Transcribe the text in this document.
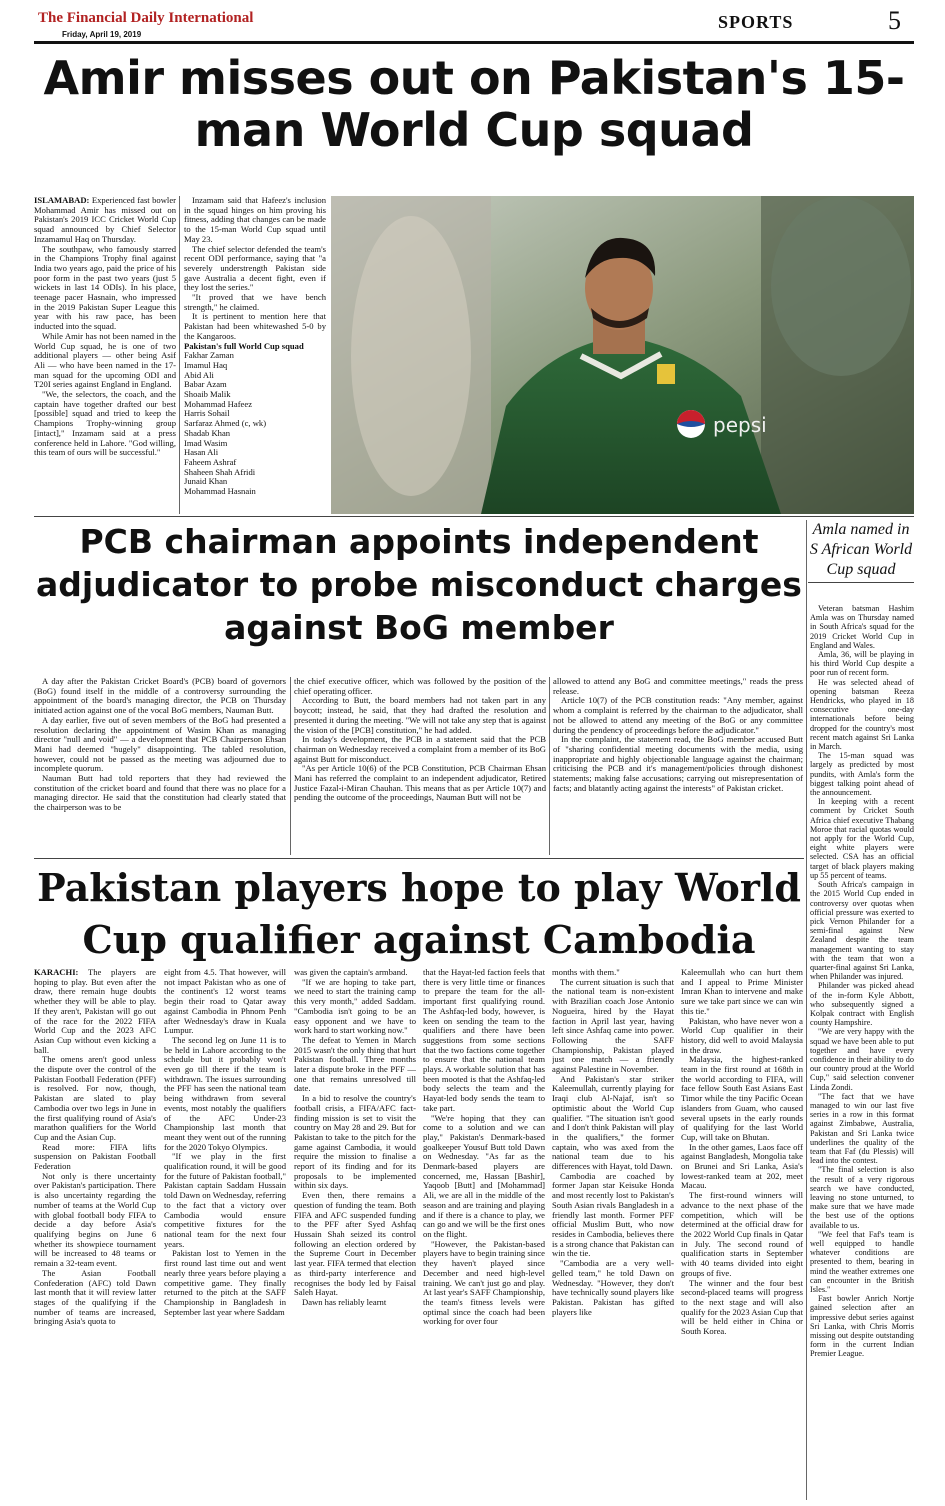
The Financial Daily International
Friday, April 19, 2019
SPORTS	5
Amir misses out on Pakistan's 15-man World Cup squad

ISLAMABAD: Experienced fast bowler Mohammad Amir has missed out on Pakistan's 2019 ICC Cricket World Cup squad announced by Chief Selector Inzamamul Haq on Thursday.

The southpaw, who famously starred in the Champions Trophy final against India two years ago, paid the price of his poor form in the past two years (just 5 wickets in last 14 ODIs). In his place, teenage pacer Hasnain, who impressed in the 2019 Pakistan Super League this year with his raw pace, has been inducted into the squad.

While Amir has not been named in the World Cup squad, he is one of two additional players — other being Asif Ali — who have been named in the 17-man squad for the upcoming ODI and T20I series against England in England.

"We, the selectors, the coach, and the captain have together drafted our best [possible] squad and tried to keep the Champions Trophy-winning group [intact]," Inzamam said at a press conference held in Lahore. "God willing, this team of ours will be successful."

Inzamam said that Hafeez's inclusion in the squad hinges on him proving his fitness, adding that changes can be made to the 15-man World Cup squad until May 23.

The chief selector defended the team's recent ODI performance, saying that "a severely understrength Pakistan side gave Australia a decent fight, even if they lost the series."

"It proved that we have bench strength," he claimed.

It is pertinent to mention here that Pakistan had been whitewashed 5-0 by the Kangaroos.

Pakistan's full World Cup squad

Fakhar Zaman
Imamul Haq
Abid Ali
Babar Azam
Shoaib Malik
Mohammad Hafeez
Harris Sohail
Sarfaraz Ahmed (c, wk)
Shadab Khan
Imad Wasim
Hasan Ali
Faheem Ashraf
Shaheen Shah Afridi
Junaid Khan
Mohammad Hasnain
pepsi
PCB chairman appoints independent adjudicator to probe misconduct charges against BoG member

A day after the Pakistan Cricket Board's (PCB) board of governors (BoG) found itself in the middle of a controversy surrounding the appointment of the board's managing director, the PCB on Thursday initiated action against one of the vocal BoG members, Nauman Butt.

A day earlier, five out of seven members of the BoG had presented a resolution declaring the appointment of Wasim Khan as managing director "null and void" — a development that PCB Chairperson Ehsan Mani had deemed "hugely" disappointing. The tabled resolution, however, could not be passed as the meeting was adjourned due to incomplete quorum.

Nauman Butt had told reporters that they had reviewed the constitution of the cricket board and found that there was no place for a managing director. He said that the constitution had clearly stated that the chairperson was to be

the chief executive officer, which was followed by the position of the chief operating officer.

According to Butt, the board members had not taken part in any boycott; instead, he said, that they had drafted the resolution and presented it during the meeting. "We will not take any step that is against the vision of the [PCB] constitution," he had added.

In today's development, the PCB in a statement said that the PCB chairman on Wednesday received a complaint from a member of its BoG against Butt for misconduct.

"As per Article 10(6) of the PCB Constitution, PCB Chairman Ehsan Mani has referred the complaint to an independent adjudicator, Retired Justice Fazal-i-Miran Chauhan. This means that as per Article 10(7) and pending the outcome of the proceedings, Nauman Butt will not be

allowed to attend any BoG and committee meetings," reads the press release.

Article 10(7) of the PCB constitution reads: "Any member, against whom a complaint is referred by the chairman to the adjudicator, shall not be allowed to attend any meeting of the BoG or any committee during the pendency of proceedings before the adjudicator."

In the complaint, the statement read, the BoG member accused Butt of "sharing confidential meeting documents with the media, using inappropriate and highly objectionable language against the chairman; criticising the PCB and it's management/policies through dishonest statements; making false accusations; carrying out misrepresentation of facts; and blatantly acting against the interests" of Pakistan cricket.

Pakistan players hope to play World Cup qualifier against Cambodia

KARACHI: The players are hoping to play. But even after the draw, there remain huge doubts whether they will be able to play. If they aren't, Pakistan will go out of the race for the 2022 FIFA World Cup and the 2023 AFC Asian Cup without even kicking a ball.

The omens aren't good unless the dispute over the control of the Pakistan Football Federation (PFF) is resolved. For now, though, Pakistan are slated to play Cambodia over two legs in June in the first qualifying round of Asia's marathon qualifiers for the World Cup and the Asian Cup.

Read more: FIFA lifts suspension on Pakistan Football Federation

Not only is there uncertainty over Pakistan's participation. There is also uncertainty regarding the number of teams at the World Cup with global football body FIFA to decide a day before Asia's qualifying begins on June 6 whether its showpiece tournament will be increased to 48 teams or remain a 32-team event.

The Asian Football Confederation (AFC) told Dawn last month that it will review latter stages of the qualifying if the number of teams are increased, bringing Asia's quota to

eight from 4.5. That however, will not impact Pakistan who as one of the continent's 12 worst teams begin their road to Qatar away against Cambodia in Phnom Penh after Wednesday's draw in Kuala Lumpur.

The second leg on June 11 is to be held in Lahore according to the schedule but it probably won't even go till there if the team is withdrawn. The issues surrounding the PFF has seen the national team being withdrawn from several events, most notably the qualifiers of the AFC Under-23 Championship last month that meant they went out of the running for the 2020 Tokyo Olympics.

"If we play in the first qualification round, it will be good for the future of Pakistan football," Pakistan captain Saddam Hussain told Dawn on Wednesday, referring to the fact that a victory over Cambodia would ensure competitive fixtures for the national team for the next four years.

Pakistan lost to Yemen in the first round last time out and went nearly three years before playing a competitive game. They finally returned to the pitch at the SAFF Championship in Bangladesh in September last year where Saddam

was given the captain's armband.

"If we are hoping to take part, we need to start the training camp this very month," added Saddam. "Cambodia isn't going to be an easy opponent and we have to work hard to start working now."

The defeat to Yemen in March 2015 wasn't the only thing that hurt Pakistan football. Three months later a dispute broke in the PFF — one that remains unresolved till date.

In a bid to resolve the country's football crisis, a FIFA/AFC fact-finding mission is set to visit the country on May 28 and 29. But for Pakistan to take to the pitch for the game against Cambodia, it would require the mission to finalise a report of its finding and for its proposals to be implemented within six days.

Even then, there remains a question of funding the team. Both FIFA and AFC suspended funding to the PFF after Syed Ashfaq Hussain Shah seized its control following an election ordered by the Supreme Court in December last year. FIFA termed that election as third-party interference and recognises the body led by Faisal Saleh Hayat.

Dawn has reliably learnt

that the Hayat-led faction feels that there is very little time or finances to prepare the team for the all-important first qualifying round. The Ashfaq-led body, however, is keen on sending the team to the qualifiers and there have been suggestions from some sections that the two factions come together to ensure that the national team plays. A workable solution that has been mooted is that the Ashfaq-led body selects the team and the Hayat-led body sends the team to take part.

"We're hoping that they can come to a solution and we can play," Pakistan's Denmark-based goalkeeper Yousuf Butt told Dawn on Wednesday. "As far as the Denmark-based players are concerned, me, Hassan [Bashir], Yaqoob [Butt] and [Mohammad] Ali, we are all in the middle of the season and are training and playing and if there is a chance to play, we can go and we will be the first ones on the flight.

"However, the Pakistan-based players have to begin training since they haven't played since December and need high-level training. We can't just go and play. At last year's SAFF Championship, the team's fitness levels were optimal since the coach had been working for over four

months with them."

The current situation is such that the national team is non-existent with Brazilian coach Jose Antonio Nogueira, hired by the Hayat faction in April last year, having left since Ashfaq came into power. Following the SAFF Championship, Pakistan played just one match — a friendly against Palestine in November.

And Pakistan's star striker Kaleemullah, currently playing for Iraqi club Al-Najaf, isn't so optimistic about the World Cup qualifier. "The situation isn't good and I don't think Pakistan will play in the qualifiers," the former captain, who was axed from the national team due to his differences with Hayat, told Dawn.

Cambodia are coached by former Japan star Keisuke Honda and most recently lost to Pakistan's South Asian rivals Bangladesh in a friendly last month. Former PFF official Muslim Butt, who now resides in Cambodia, believes there is a strong chance that Pakistan can win the tie.

"Cambodia are a very well-gelled team," he told Dawn on Wednesday. "However, they don't have technically sound players like Pakistan. Pakistan has gifted players like

Kaleemullah who can hurt them and I appeal to Prime Minister Imran Khan to intervene and make sure we take part since we can win this tie."

Pakistan, who have never won a World Cup qualifier in their history, did well to avoid Malaysia in the draw.

Malaysia, the highest-ranked team in the first round at 168th in the world according to FIFA, will face fellow South East Asians East Timor while the tiny Pacific Ocean islanders from Guam, who caused several upsets in the early rounds of qualifying for the last World Cup, will take on Bhutan.

In the other games, Laos face off against Bangladesh, Mongolia take on Brunei and Sri Lanka, Asia's lowest-ranked team at 202, meet Macau.

The first-round winners will advance to the next phase of the competition, which will be determined at the official draw for the 2022 World Cup finals in Qatar in July. The second round of qualification starts in September with 40 teams divided into eight groups of five.

The winner and the four best second-placed teams will progress to the next stage and will also qualify for the 2023 Asian Cup that will be held either in China or South Korea.

Amla named in S African World Cup squad

Veteran batsman Hashim Amla was on Thursday named in South Africa's squad for the 2019 Cricket World Cup in England and Wales.

Amla, 36, will be playing in his third World Cup despite a poor run of recent form.

He was selected ahead of opening batsman Reeza Hendricks, who played in 18 consecutive one-day internationals before being dropped for the country's most recent match against Sri Lanka in March.

The 15-man squad was largely as predicted by most pundits, with Amla's form the biggest talking point ahead of the announcement.

In keeping with a recent comment by Cricket South Africa chief executive Thabang Moroe that racial quotas would not apply for the World Cup, eight white players were selected. CSA has an official target of black players making up 55 percent of teams.

South Africa's campaign in the 2015 World Cup ended in controversy over quotas when official pressure was exerted to pick Vernon Philander for a semi-final against New Zealand despite the team management wanting to stay with the team that won a quarter-final against Sri Lanka, when Philander was injured.

Philander was picked ahead of the in-form Kyle Abbott, who subsequently signed a Kolpak contract with English county Hampshire.

"We are very happy with the squad we have been able to put together and have every confidence in their ability to do our country proud at the World Cup," said selection convener Linda Zondi.

"The fact that we have managed to win our last five series in a row in this format against Zimbabwe, Australia, Pakistan and Sri Lanka twice underlines the quality of the team that Faf (du Plessis) will lead into the contest.

"The final selection is also the result of a very rigorous search we have conducted, leaving no stone unturned, to make sure that we have made the best use of the options available to us.

"We feel that Faf's team is well equipped to handle whatever conditions are presented to them, bearing in mind the weather extremes one can encounter in the British Isles."

Fast bowler Anrich Nortje gained selection after an impressive debut series against Sri Lanka, with Chris Morris missing out despite outstanding form in the current Indian Premier League.
